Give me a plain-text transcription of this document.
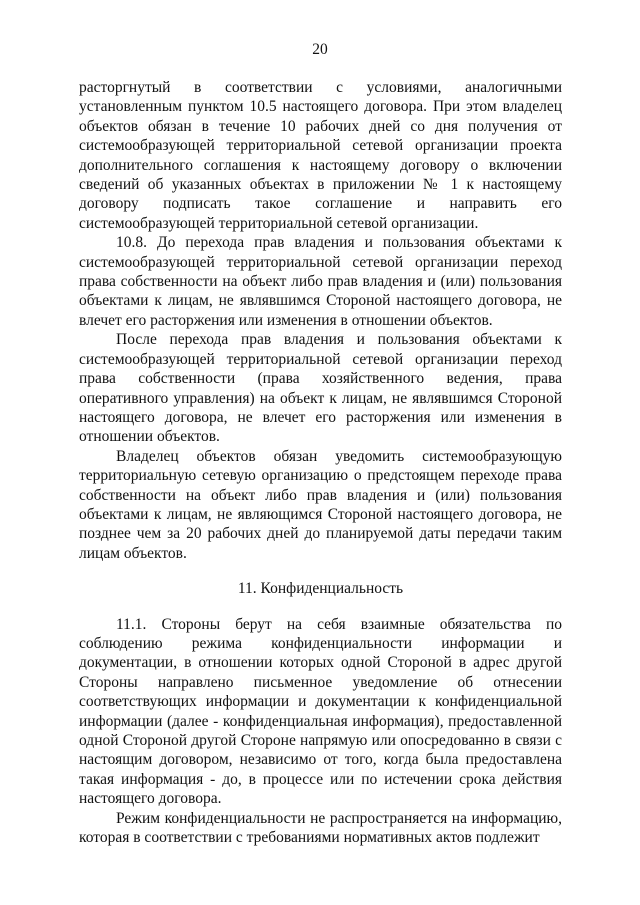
20

расторгнутый в соответствии с условиями, аналогичными установленным пунктом 10.5 настоящего договора. При этом владелец объектов обязан в течение 10 рабочих дней со дня получения от системообразующей территориальной сетевой организации проекта дополнительного соглашения к настоящему договору о включении сведений об указанных объектах в приложении № 1 к настоящему договору подписать такое соглашение и направить его системообразующей территориальной сетевой организации.

10.8. До перехода прав владения и пользования объектами к системообразующей территориальной сетевой организации переход права собственности на объект либо прав владения и (или) пользования объектами к лицам, не являвшимся Стороной настоящего договора, не влечет его расторжения или изменения в отношении объектов.

После перехода прав владения и пользования объектами к системообразующей территориальной сетевой организации переход права собственности (права хозяйственного ведения, права оперативного управления) на объект к лицам, не являвшимся Стороной настоящего договора, не влечет его расторжения или изменения в отношении объектов.

Владелец объектов обязан уведомить системообразующую территориальную сетевую организацию о предстоящем переходе права собственности на объект либо прав владения и (или) пользования объектами к лицам, не являющимся Стороной настоящего договора, не позднее чем за 20 рабочих дней до планируемой даты передачи таким лицам объектов.

11. Конфиденциальность

11.1. Стороны берут на себя взаимные обязательства по соблюдению режима конфиденциальности информации и документации, в отношении которых одной Стороной в адрес другой Стороны направлено письменное уведомление об отнесении соответствующих информации и документации к конфиденциальной информации (далее - конфиденциальная информация), предоставленной одной Стороной другой Стороне напрямую или опосредованно в связи с настоящим договором, независимо от того, когда была предоставлена такая информация - до, в процессе или по истечении срока действия настоящего договора.

Режим конфиденциальности не распространяется на информацию, которая в соответствии с требованиями нормативных актов подлежит
